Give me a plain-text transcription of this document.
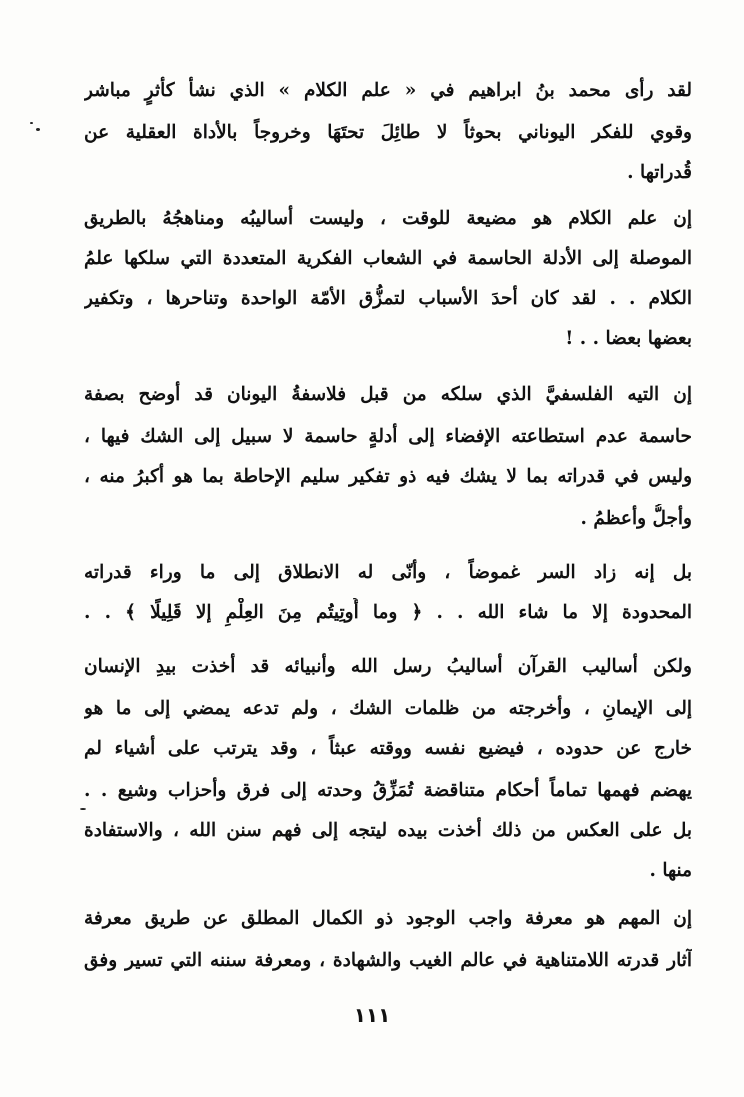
لقد رأى محمد بنُ ابراهيم في « علم الكلام » الذي نشأ كأثرٍ مباشر
وقوي للفكر اليوناني بحوثاً لا طائِلَ تحتَهَا وخروجاً بالأداة العقلية عن
قُدراتها .
إن علم الكلام هو مضيعة للوقت ، وليست أساليبُه ومناهجُهُ بالطريق
الموصلة إلى الأدلة الحاسمة في الشعاب الفكرية المتعددة التي سلكها علمُ
الكلام . . لقد كان أحدَ الأسباب لتمزُّق الأمّة الواحدة وتناحرها ، وتكفير
بعضها بعضا . . !
إن التيه الفلسفيَّ الذي سلكه من قبل فلاسفةُ اليونان قد أوضح بصفة
حاسمة عدم استطاعته الإفضاء إلى أدلةٍ حاسمة لا سبيل إلى الشك فيها ،
وليس في قدراته بما لا يشك فيه ذو تفكير سليم الإحاطة بما هو أكبرُ منه ،
وأجلُّ وأعظمُ .
بل إنه زاد السر غموضاً ، وأنّى له الانطلاق إلى ما وراء قدراته
المحدودة إلا ما شاء الله . . ﴿ وما أُوتِيتُم مِنَ العِلْمِ إلا قَلِيلًا ﴾ . .
ولكن أساليب القرآن أساليبُ رسل الله وأنبيائه قد أخذت بيدِ الإنسان
إلى الإيمانِ ، وأخرجته من ظلمات الشك ، ولم تدعه يمضي إلى ما هو
خارج عن حدوده ، فيضيع نفسه ووقته عبثاً ، وقد يترتب على أشياء لم
يهضم فهمها تماماً أحكام متناقضة تُمَزِّقُ وحدته إلى فرق وأحزاب وشيع . .
بل على العكس من ذلك أخذت بيده ليتجه إلى فهم سنن الله ، والاستفادة
منها .
إن المهم هو معرفة واجب الوجود ذو الكمال المطلق عن طريق معرفة
آثار قدرته اللامتناهية في عالم الغيب والشهادة ، ومعرفة سننه التي تسير وفق
١١١
